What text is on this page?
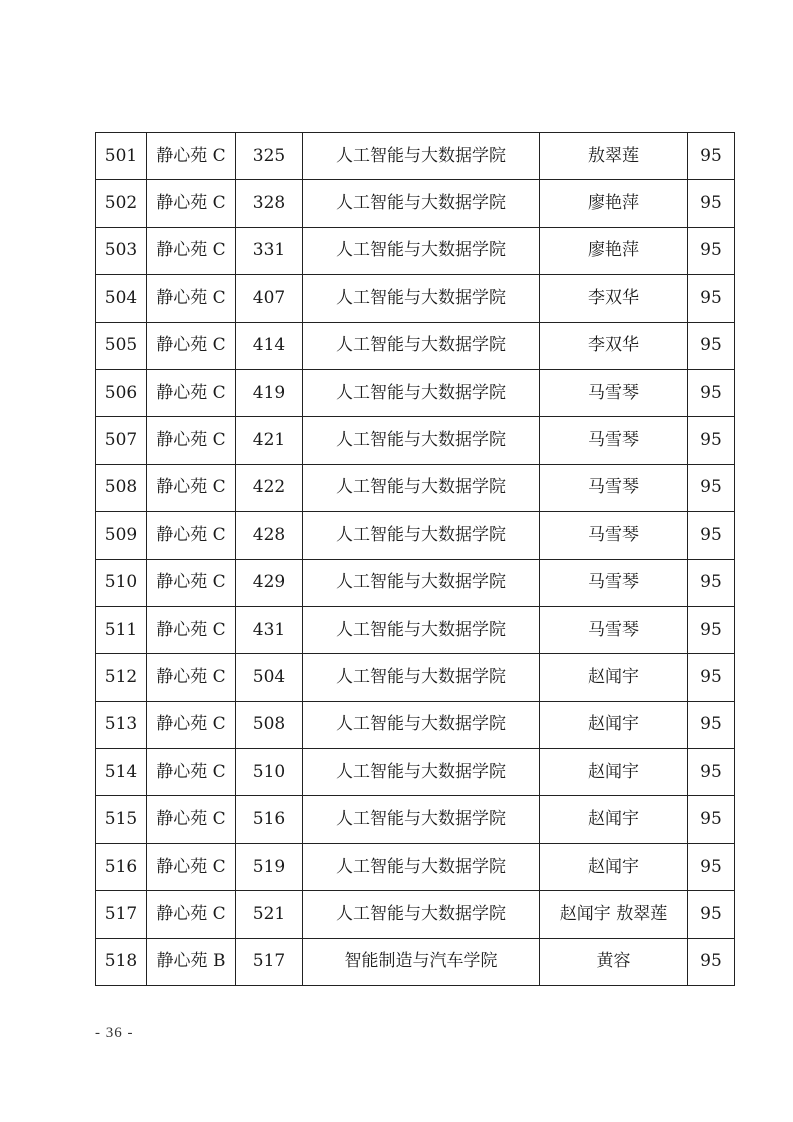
501	静心苑 C	325	人工智能与大数据学院	敖翠莲	95
502	静心苑 C	328	人工智能与大数据学院	廖艳萍	95
503	静心苑 C	331	人工智能与大数据学院	廖艳萍	95
504	静心苑 C	407	人工智能与大数据学院	李双华	95
505	静心苑 C	414	人工智能与大数据学院	李双华	95
506	静心苑 C	419	人工智能与大数据学院	马雪琴	95
507	静心苑 C	421	人工智能与大数据学院	马雪琴	95
508	静心苑 C	422	人工智能与大数据学院	马雪琴	95
509	静心苑 C	428	人工智能与大数据学院	马雪琴	95
510	静心苑 C	429	人工智能与大数据学院	马雪琴	95
511	静心苑 C	431	人工智能与大数据学院	马雪琴	95
512	静心苑 C	504	人工智能与大数据学院	赵闻宇	95
513	静心苑 C	508	人工智能与大数据学院	赵闻宇	95
514	静心苑 C	510	人工智能与大数据学院	赵闻宇	95
515	静心苑 C	516	人工智能与大数据学院	赵闻宇	95
516	静心苑 C	519	人工智能与大数据学院	赵闻宇	95
517	静心苑 C	521	人工智能与大数据学院	赵闻宇 敖翠莲	95
518	静心苑 B	517	智能制造与汽车学院	黄容	95
- 36 -
